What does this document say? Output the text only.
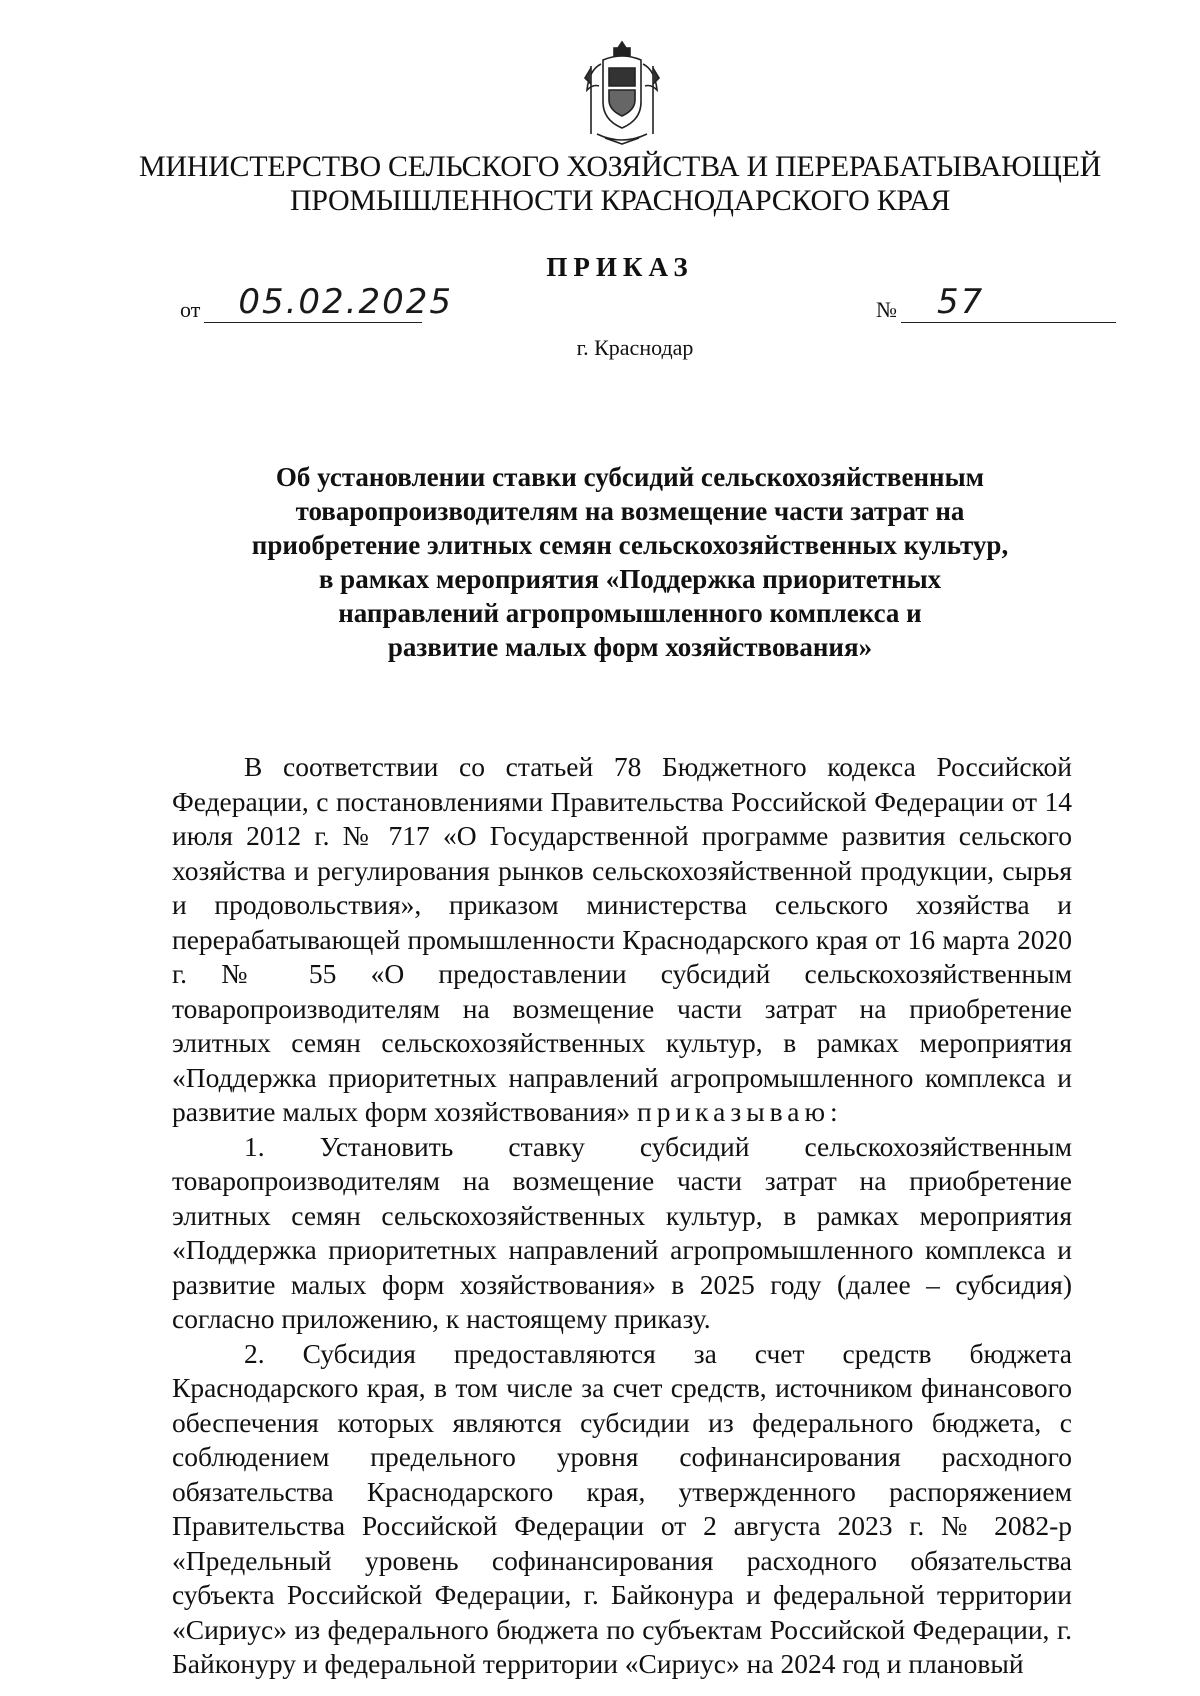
МИНИСТЕРСТВО СЕЛЬСКОГО ХОЗЯЙСТВА И ПЕРЕРАБАТЫВАЮЩЕЙ
ПРОМЫШЛЕННОСТИ КРАСНОДАРСКОГО КРАЯ
ПРИКАЗ
от 05.02.2025	№ 57
г. Краснодар
Об установлении ставки субсидий сельскохозяйственным
товаропроизводителям на возмещение части затрат на
приобретение элитных семян сельскохозяйственных культур,
в рамках мероприятия «Поддержка приоритетных
направлений агропромышленного комплекса и
развитие малых форм хозяйствования»

В соответствии со статьей 78 Бюджетного кодекса Российской Федерации, с постановлениями Правительства Российской Федерации от 14 июля 2012 г. № 717 «О Государственной программе развития сельского хозяйства и регулирования рынков сельскохозяйственной продукции, сырья и продовольствия», приказом министерства сельского хозяйства и перерабатывающей промышленности Краснодарского края от 16 марта 2020 г. № 55 «О предоставлении субсидий сельскохозяйственным товаропроизводителям на возмещение части затрат на приобретение элитных семян сельскохозяйственных культур, в рамках мероприятия «Поддержка приоритетных направлений агропромышленного комплекса и развитие малых форм хозяйствования» приказываю:

1. Установить ставку субсидий сельскохозяйственным товаропроизводителям на возмещение части затрат на приобретение элитных семян сельскохозяйственных культур, в рамках мероприятия «Поддержка приоритетных направлений агропромышленного комплекса и развитие малых форм хозяйствования» в 2025 году (далее – субсидия) согласно приложению, к настоящему приказу.

2. Субсидия предоставляются за счет средств бюджета Краснодарского края, в том числе за счет средств, источником финансового обеспечения которых являются субсидии из федерального бюджета, с соблюдением предельного уровня софинансирования расходного обязательства Краснодарского края, утвержденного распоряжением Правительства Российской Федерации от 2 августа 2023 г. № 2082-р «Предельный уровень софинансирования расходного обязательства субъекта Российской Федерации, г. Байконура и федеральной территории «Сириус» из федерального бюджета по субъектам Российской Федерации, г. Байконуру и федеральной территории «Сириус» на 2024 год и плановый
